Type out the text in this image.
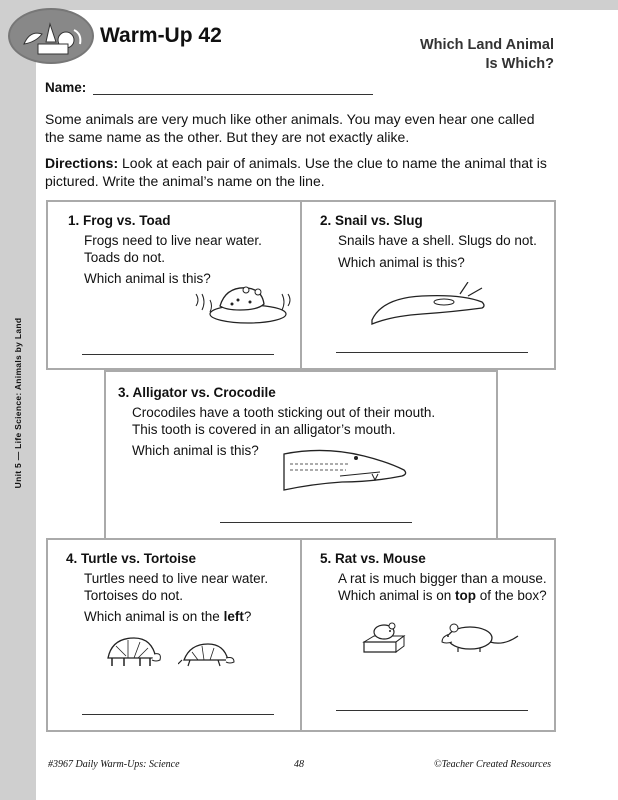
Unit 5 — Life Science: Animals by Land
Warm-Up 42	Which Land Animal
Is Which?
Name:
Some animals are very much like other animals. You may even hear one called the same name as the other. But they are not exactly alike.
Directions: Look at each pair of animals. Use the clue to name the animal that is pictured. Write the animal’s name on the line.
1. Frog vs. Toad
Frogs need to live near water.
Toads do not.
Which animal is this?
2. Snail vs. Slug
Snails have a shell. Slugs do not.
Which animal is this?
3. Alligator vs. Crocodile
Crocodiles have a tooth sticking out of their mouth.
This tooth is covered in an alligator’s mouth.
Which animal is this?
4. Turtle vs. Tortoise
Turtles need to live near water.
Tortoises do not.
Which animal is on the left?
5. Rat vs. Mouse
A rat is much bigger than a mouse.
Which animal is on top of the box?
#3967 Daily Warm-Ups: Science	48	©Teacher Created Resources
